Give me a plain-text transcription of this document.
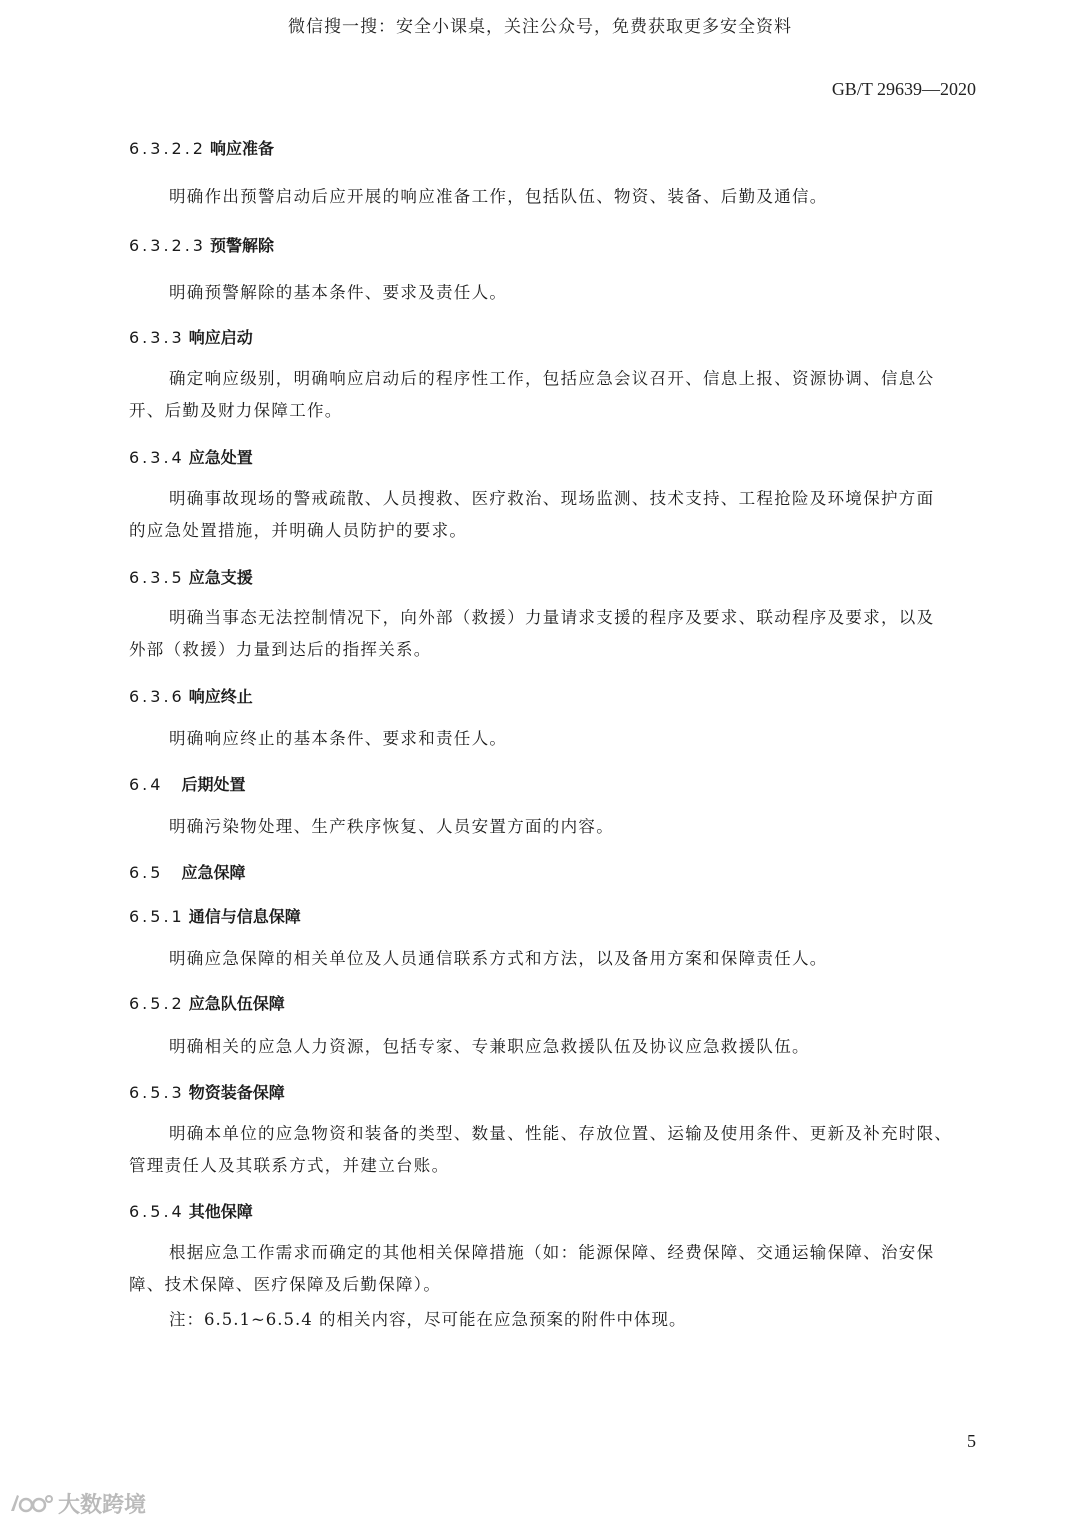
微信搜一搜：安全小课桌，关注公众号，免费获取更多安全资料
GB/T 29639—2020
6.3.2.2 响应准备
明确作出预警启动后应开展的响应准备工作，包括队伍、物资、装备、后勤及通信。
6.3.2.3 预警解除
明确预警解除的基本条件、要求及责任人。
6.3.3 响应启动
确定响应级别，明确响应启动后的程序性工作，包括应急会议召开、信息上报、资源协调、信息公
开、后勤及财力保障工作。
6.3.4 应急处置
明确事故现场的警戒疏散、人员搜救、医疗救治、现场监测、技术支持、工程抢险及环境保护方面
的应急处置措施，并明确人员防护的要求。
6.3.5 应急支援
明确当事态无法控制情况下，向外部（救援）力量请求支援的程序及要求、联动程序及要求，以及
外部（救援）力量到达后的指挥关系。
6.3.6 响应终止
明确响应终止的基本条件、要求和责任人。
6.4 后期处置
明确污染物处理、生产秩序恢复、人员安置方面的内容。
6.5 应急保障
6.5.1 通信与信息保障
明确应急保障的相关单位及人员通信联系方式和方法，以及备用方案和保障责任人。
6.5.2 应急队伍保障
明确相关的应急人力资源，包括专家、专兼职应急救援队伍及协议应急救援队伍。
6.5.3 物资装备保障
明确本单位的应急物资和装备的类型、数量、性能、存放位置、运输及使用条件、更新及补充时限、
管理责任人及其联系方式，并建立台账。
6.5.4 其他保障
根据应急工作需求而确定的其他相关保障措施（如：能源保障、经费保障、交通运输保障、治安保
障、技术保障、医疗保障及后勤保障）。
注：6.5.1~6.5.4 的相关内容，尽可能在应急预案的附件中体现。
5
大数跨境
